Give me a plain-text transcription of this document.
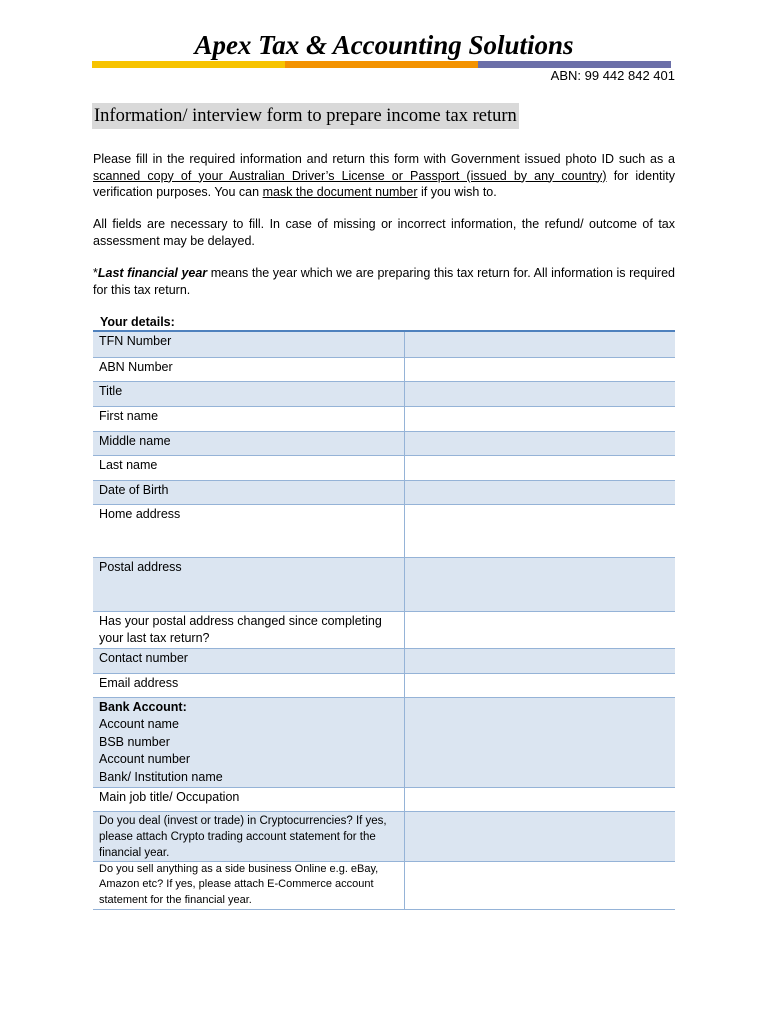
Apex Tax & Accounting Solutions
ABN: 99 442 842 401
Information/ interview form to prepare income tax return

Please fill in the required information and return this form with Government issued photo ID such as a scanned copy of your Australian Driver’s License or Passport (issued by any country) for identity verification purposes. You can mask the document number if you wish to.

All fields are necessary to fill. In case of missing or incorrect information, the refund/ outcome of tax assessment may be delayed.

*Last financial year means the year which we are preparing this tax return for. All information is required for this tax return.

Your details:
TFN Number	
ABN Number	
Title	
First name	
Middle name	
Last name	
Date of Birth	
Home address	
Postal address	
Has your postal address changed since completing your last tax return?	
Contact number	
Email address	

Bank Account:
Account name
BSB number
Account number
Bank/ Institution name	

Main job title/ Occupation	
Do you deal (invest or trade) in Cryptocurrencies? If yes, please attach Crypto trading account statement for the financial year.	
Do you sell anything as a side business Online e.g. eBay, Amazon etc? If yes, please attach E-Commerce account statement for the financial year.	
